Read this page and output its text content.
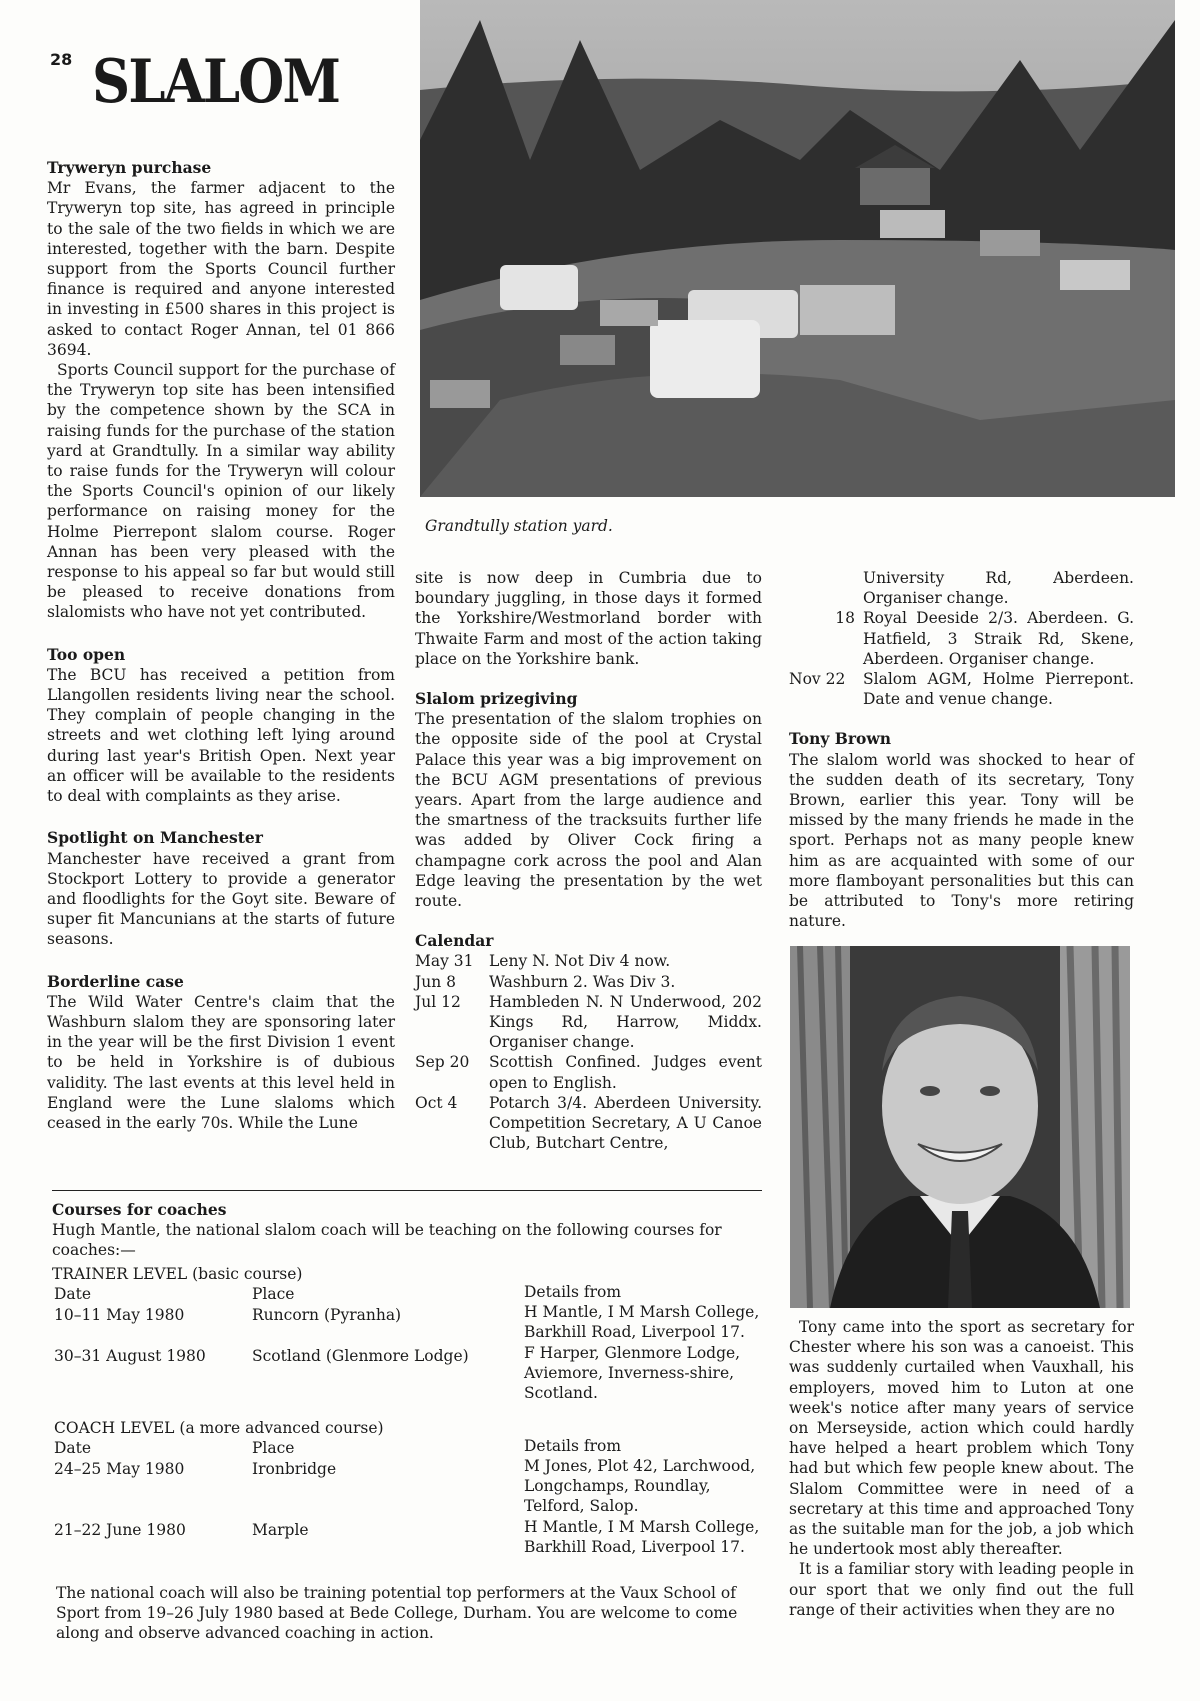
28 SLALOM
Grandtully station yard.
Tryweryn purchase

Mr Evans, the farmer adjacent to the Tryweryn top site, has agreed in principle to the sale of the two fields in which we are interested, together with the barn. Despite support from the Sports Council further finance is required and anyone interested in investing in £500 shares in this project is asked to contact Roger Annan, tel 01 866 3694.

Sports Council support for the purchase of the Tryweryn top site has been intensified by the competence shown by the SCA in raising funds for the purchase of the station yard at Grandtully. In a similar way ability to raise funds for the Tryweryn will colour the Sports Council's opinion of our likely performance on raising money for the Holme Pierrepont slalom course. Roger Annan has been very pleased with the response to his appeal so far but would still be pleased to receive donations from slalomists who have not yet contributed.

Too open

The BCU has received a petition from Llangollen residents living near the school. They complain of people changing in the streets and wet clothing left lying around during last year's British Open. Next year an officer will be available to the residents to deal with complaints as they arise.

Spotlight on Manchester

Manchester have received a grant from Stockport Lottery to provide a generator and floodlights for the Goyt site. Beware of super fit Mancunians at the starts of future seasons.

Borderline case

The Wild Water Centre's claim that the Washburn slalom they are sponsoring later in the year will be the first Division 1 event to be held in Yorkshire is of dubious validity. The last events at this level held in England were the Lune slaloms which ceased in the early 70s. While the Lune

site is now deep in Cumbria due to boundary juggling, in those days it formed the Yorkshire/Westmorland border with Thwaite Farm and most of the action taking place on the Yorkshire bank.

Slalom prizegiving

The presentation of the slalom trophies on the opposite side of the pool at Crystal Palace this year was a big improvement on the BCU AGM presentations of previous years. Apart from the large audience and the smartness of the tracksuits further life was added by Oliver Cock firing a champagne cork across the pool and Alan Edge leaving the presentation by the wet route.

Calendar
May 31 Leny N. Not Div 4 now.
Jun 8	Washburn 2. Was Div 3.
Jul 12	Hambleden N. N Underwood, 202 Kings Rd, Harrow, Middx. Organiser change.
Sep 20	Scottish Confined. Judges event open to English.
Oct 4	Potarch 3/4. Aberdeen University. Competition Secretary, A U Canoe Club, Butchart Centre,
University Rd, Aberdeen. Organiser change.
18 Royal Deeside 2/3. Aberdeen. G. Hatfield, 3 Straik Rd, Skene, Aberdeen. Organiser change.
Nov 22	Slalom AGM, Holme Pierrepont. Date and venue change.
Tony Brown

The slalom world was shocked to hear of the sudden death of its secretary, Tony Brown, earlier this year. Tony will be missed by the many friends he made in the sport. Perhaps not as many people knew him as are acquainted with some of our more flamboyant personalities but this can be attributed to Tony's more retiring nature.

Tony came into the sport as secretary for Chester where his son was a canoeist. This was suddenly curtailed when Vauxhall, his employers, moved him to Luton at one week's notice after many years of service on Merseyside, action which could hardly have helped a heart problem which Tony had but which few people knew about. The Slalom Committee were in need of a secretary at this time and approached Tony as the suitable man for the job, a job which he undertook most ably thereafter.

It is a familiar story with leading people in our sport that we only find out the full range of their activities when they are no

Courses for coaches

Hugh Mantle, the national slalom coach will be teaching on the following courses for coaches:—

TRAINER LEVEL (basic course)
Date	Place	Details from
10–11 May 1980	Runcorn (Pyranha)	H Mantle, I M Marsh College,
Barkhill Road, Liverpool 17.
30–31 August 1980	Scotland (Glenmore Lodge)	F Harper, Glenmore Lodge,
Aviemore, Inverness-shire,
Scotland.
COACH LEVEL (a more advanced course)
Date	Place	Details from
24–25 May 1980	Ironbridge	M Jones, Plot 42, Larchwood,
Longchamps, Roundlay,
Telford, Salop.
21–22 June 1980	Marple	H Mantle, I M Marsh College,
Barkhill Road, Liverpool 17.

The national coach will also be training potential top performers at the Vaux School of Sport from 19–26 July 1980 based at Bede College, Durham. You are welcome to come along and observe advanced coaching in action.
